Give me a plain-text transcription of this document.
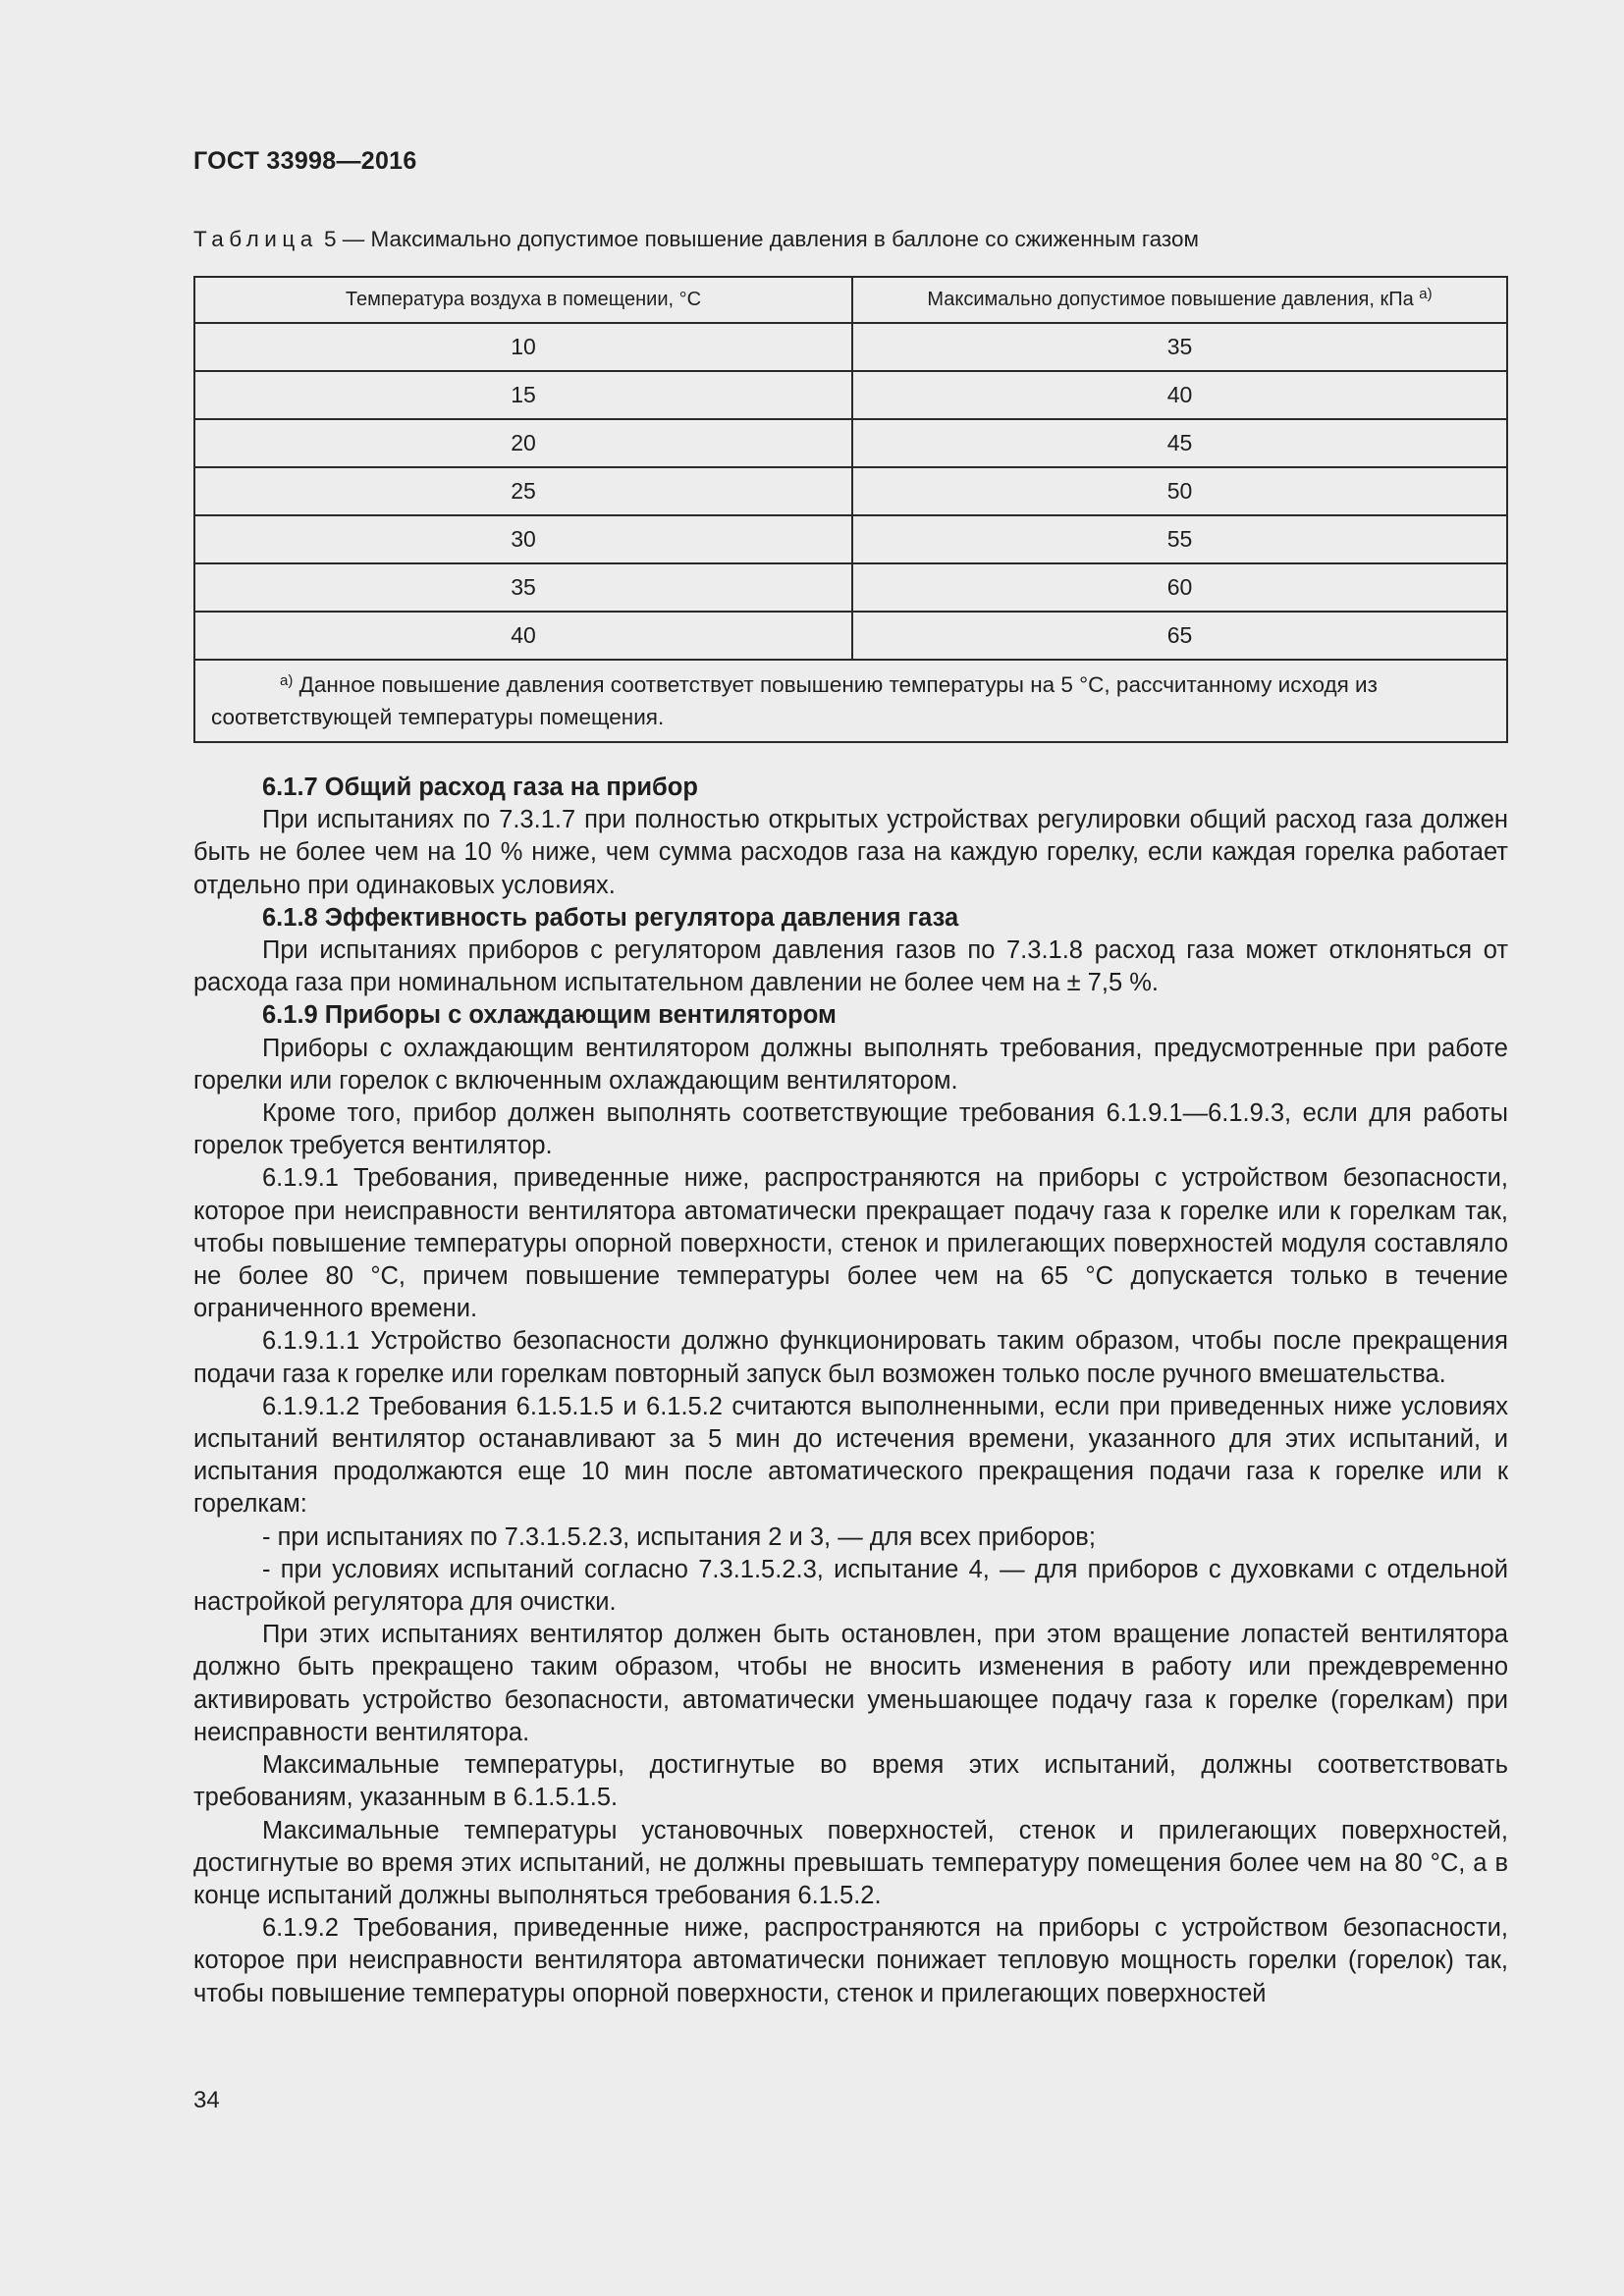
ГОСТ 33998—2016
Таблица 5 — Максимально допустимое повышение давления в баллоне со сжиженным газом
Температура воздуха в помещении, °С	Максимально допустимое повышение давления, кПа $^{а)}$
10	35
15	40
20	45
25	50
30	55
35	60
40	65
$^{а)}$ Данное повышение давления соответствует повышению температуры на 5 °С, рассчитанному исходя из соответствующей температуры помещения.	

6.1.7 Общий расход газа на прибор

При испытаниях по 7.3.1.7 при полностью открытых устройствах регулировки общий расход газа должен быть не более чем на 10 % ниже, чем сумма расходов газа на каждую горелку, если каждая горелка работает отдельно при одинаковых условиях.

6.1.8 Эффективность работы регулятора давления газа

При испытаниях приборов с регулятором давления газов по 7.3.1.8 расход газа может отклоняться от расхода газа при номинальном испытательном давлении не более чем на ± 7,5 %.

6.1.9 Приборы с охлаждающим вентилятором

Приборы с охлаждающим вентилятором должны выполнять требования, предусмотренные при работе горелки или горелок с включенным охлаждающим вентилятором.

Кроме того, прибор должен выполнять соответствующие требования 6.1.9.1—6.1.9.3, если для работы горелок требуется вентилятор.

6.1.9.1 Требования, приведенные ниже, распространяются на приборы с устройством безопасности, которое при неисправности вентилятора автоматически прекращает подачу газа к горелке или к горелкам так, чтобы повышение температуры опорной поверхности, стенок и прилегающих поверхностей модуля составляло не более 80 °С, причем повышение температуры более чем на 65 °С допускается только в течение ограниченного времени.

6.1.9.1.1 Устройство безопасности должно функционировать таким образом, чтобы после прекращения подачи газа к горелке или горелкам повторный запуск был возможен только после ручного вмешательства.

6.1.9.1.2 Требования 6.1.5.1.5 и 6.1.5.2 считаются выполненными, если при приведенных ниже условиях испытаний вентилятор останавливают за 5 мин до истечения времени, указанного для этих испытаний, и испытания продолжаются еще 10 мин после автоматического прекращения подачи газа к горелке или к горелкам:

- при испытаниях по 7.3.1.5.2.3, испытания 2 и 3, — для всех приборов;

- при условиях испытаний согласно 7.3.1.5.2.3, испытание 4, — для приборов с духовками с отдельной настройкой регулятора для очистки.

При этих испытаниях вентилятор должен быть остановлен, при этом вращение лопастей вентилятора должно быть прекращено таким образом, чтобы не вносить изменения в работу или преждевременно активировать устройство безопасности, автоматически уменьшающее подачу газа к горелке (горелкам) при неисправности вентилятора.

Максимальные температуры, достигнутые во время этих испытаний, должны соответствовать требованиям, указанным в 6.1.5.1.5.

Максимальные температуры установочных поверхностей, стенок и прилегающих поверхностей, достигнутые во время этих испытаний, не должны превышать температуру помещения более чем на 80 °С, а в конце испытаний должны выполняться требования 6.1.5.2.

6.1.9.2 Требования, приведенные ниже, распространяются на приборы с устройством безопасности, которое при неисправности вентилятора автоматически понижает тепловую мощность горелки (горелок) так, чтобы повышение температуры опорной поверхности, стенок и прилегающих поверхностей

34
